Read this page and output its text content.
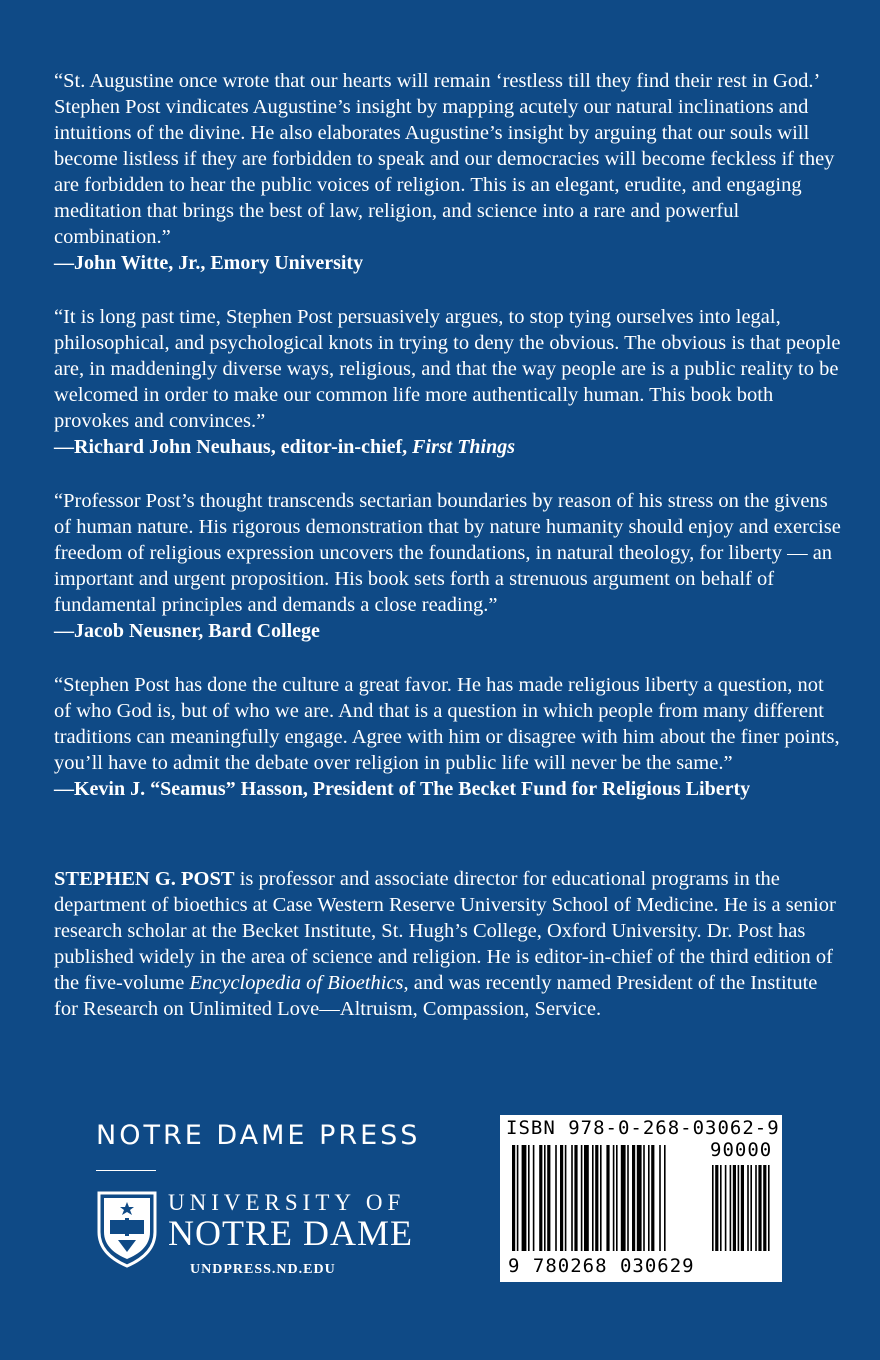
“St. Augustine once wrote that our hearts will remain ‘restless till they find their rest in God.’ Stephen Post vindicates Augustine’s insight by mapping acutely our natural inclinations and intuitions of the divine. He also elaborates Augustine’s insight by arguing that our souls will become listless if they are forbidden to speak and our democracies will become feckless if they are forbidden to hear the public voices of religion. This is an elegant, erudite, and engaging meditation that brings the best of law, religion, and science into a rare and powerful combination.”

—John Witte, Jr., Emory University

“It is long past time, Stephen Post persuasively argues, to stop tying ourselves into legal, philosophical, and psychological knots in trying to deny the obvious. The obvious is that people are, in maddeningly diverse ways, religious, and that the way people are is a public reality to be welcomed in order to make our common life more authentically human. This book both provokes and convinces.”

—Richard John Neuhaus, editor-in-chief, First Things

“Professor Post’s thought transcends sectarian boundaries by reason of his stress on the givens of human nature. His rigorous demonstration that by nature humanity should enjoy and exercise freedom of religious expression uncovers the foundations, in natural theology, for liberty — an important and urgent proposition. His book sets forth a strenuous argument on behalf of fundamental principles and demands a close reading.”

—Jacob Neusner, Bard College

“Stephen Post has done the culture a great favor. He has made religious liberty a question, not of who God is, but of who we are. And that is a question in which people from many different traditions can meaningfully engage. Agree with him or disagree with him about the finer points, you’ll have to admit the debate over religion in public life will never be the same.”

—Kevin J. “Seamus” Hasson, President of The Becket Fund for Religious Liberty

STEPHEN G. POST is professor and associate director for educational programs in the department of bioethics at Case Western Reserve University School of Medicine. He is a senior research scholar at the Becket Institute, St. Hugh’s College, Oxford University. Dr. Post has published widely in the area of science and religion. He is editor-in-chief of the third edition of the five-volume Encyclopedia of Bioethics, and was recently named President of the Institute for Research on Unlimited Love—Altruism, Compassion, Service.

NOTRE DAME PRESS
UNIVERSITY OF
NOTRE DAME
UNDPRESS.ND.EDU
ISBN 978-0-268-03062-9
90000
9 780268 030629
